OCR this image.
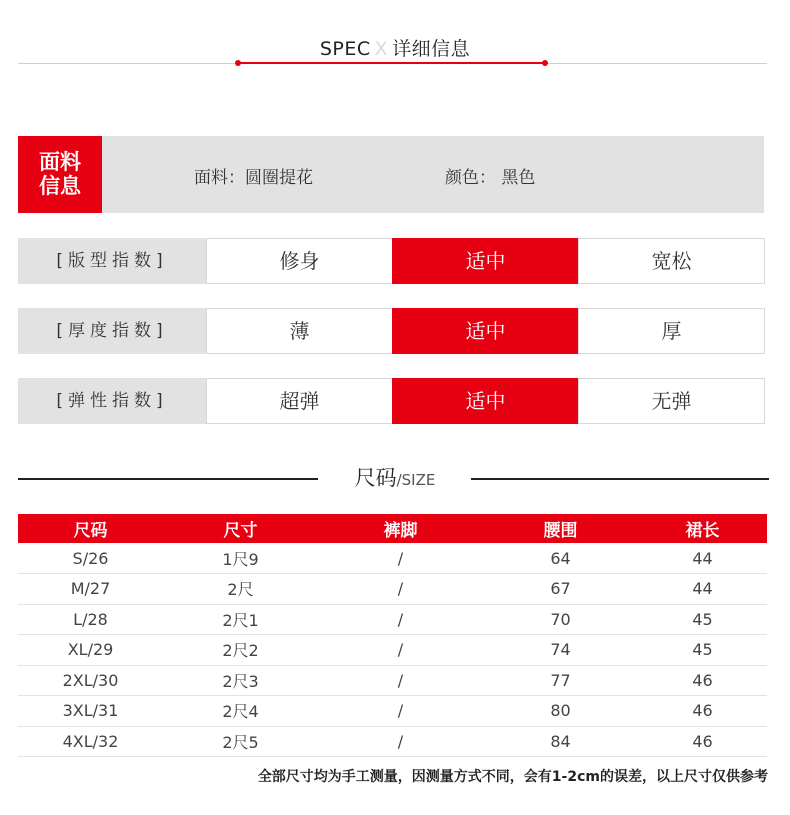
SPEC X 详细信息
面料
信息	面料：圆圈提花	颜色： 黑色
[版型指数]	修身	适中	宽松
[厚度指数]	薄	适中	厚
[弹性指数]	超弹	适中	无弹
尺码/SIZE
尺码	尺寸	裤脚	腰围	裙长
S/26	1尺9	/	64	44
M/27	2尺	/	67	44
L/28	2尺1	/	70	45
XL/29	2尺2	/	74	45
2XL/30	2尺3	/	77	46
3XL/31	2尺4	/	80	46
4XL/32	2尺5	/	84	46
全部尺寸均为手工测量，因测量方式不同，会有1-2cm的误差，以上尺寸仅供参考
